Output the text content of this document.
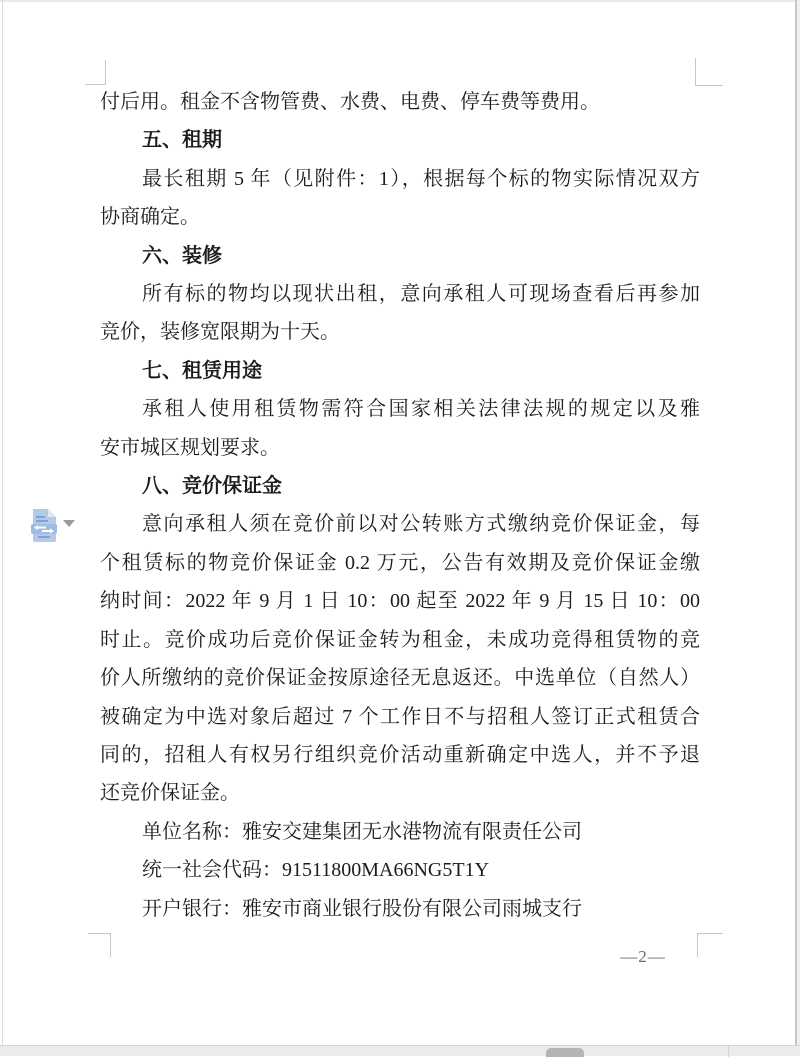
付后用。租金不含物管费、水费、电费、停车费等费用。
五、租期
最长租期 5 年（见附件：1），根据每个标的物实际情况双方
协商确定。
六、装修
所有标的物均以现状出租，意向承租人可现场查看后再参加
竞价，装修宽限期为十天。
七、租赁用途
承租人使用租赁物需符合国家相关法律法规的规定以及雅
安市城区规划要求。
八、竞价保证金
意向承租人须在竞价前以对公转账方式缴纳竞价保证金，每
个租赁标的物竞价保证金 0.2 万元，公告有效期及竞价保证金缴
纳时间：2022 年 9 月 1 日 10：00 起至 2022 年 9 月 15 日 10：00
时止。竞价成功后竞价保证金转为租金，未成功竞得租赁物的竞
价人所缴纳的竞价保证金按原途径无息返还。中选单位（自然人）
被确定为中选对象后超过 7 个工作日不与招租人签订正式租赁合
同的，招租人有权另行组织竞价活动重新确定中选人，并不予退
还竞价保证金。
单位名称：雅安交建集团无水港物流有限责任公司
统一社会代码：91511800MA66NG5T1Y
开户银行：雅安市商业银行股份有限公司雨城支行
—2—
